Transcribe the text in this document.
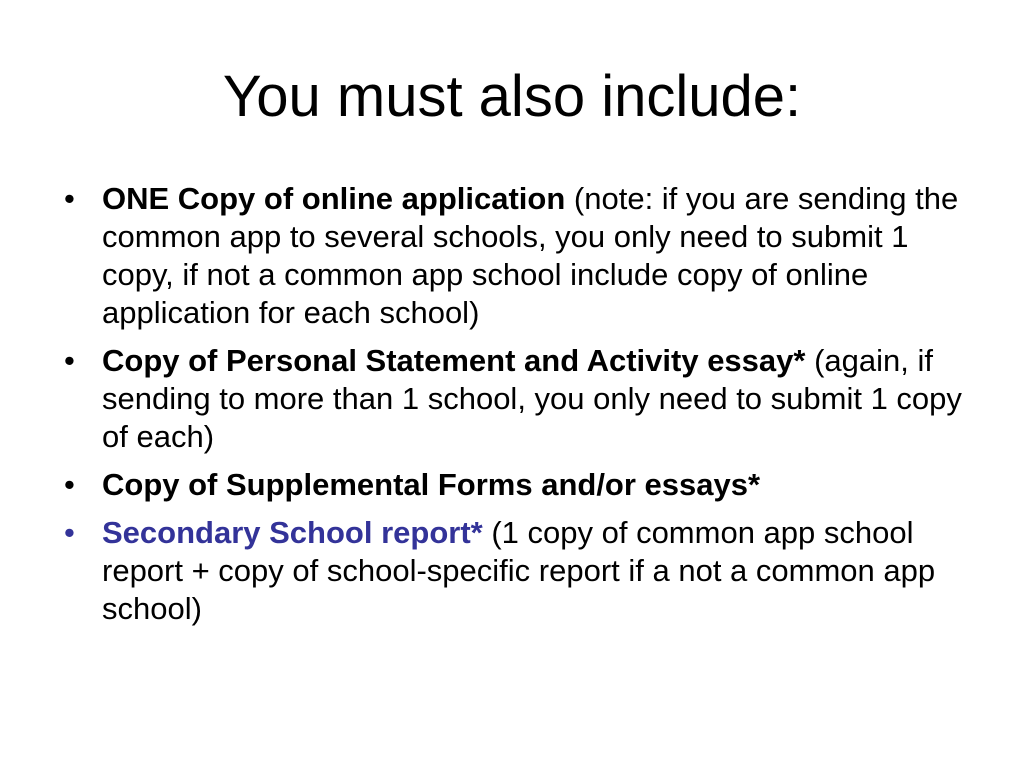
You must also include:
• ONE Copy of online application (note: if you are sending the common app to several schools, you only need to submit 1 copy, if not a common app school include copy of online application for each school)
• Copy of Personal Statement and Activity essay* (again, if sending to more than 1 school, you only need to submit 1 copy of each)
• Copy of Supplemental Forms and/or essays*
• Secondary School report* (1 copy of common app school report + copy of school-specific report if a not a common app school)
